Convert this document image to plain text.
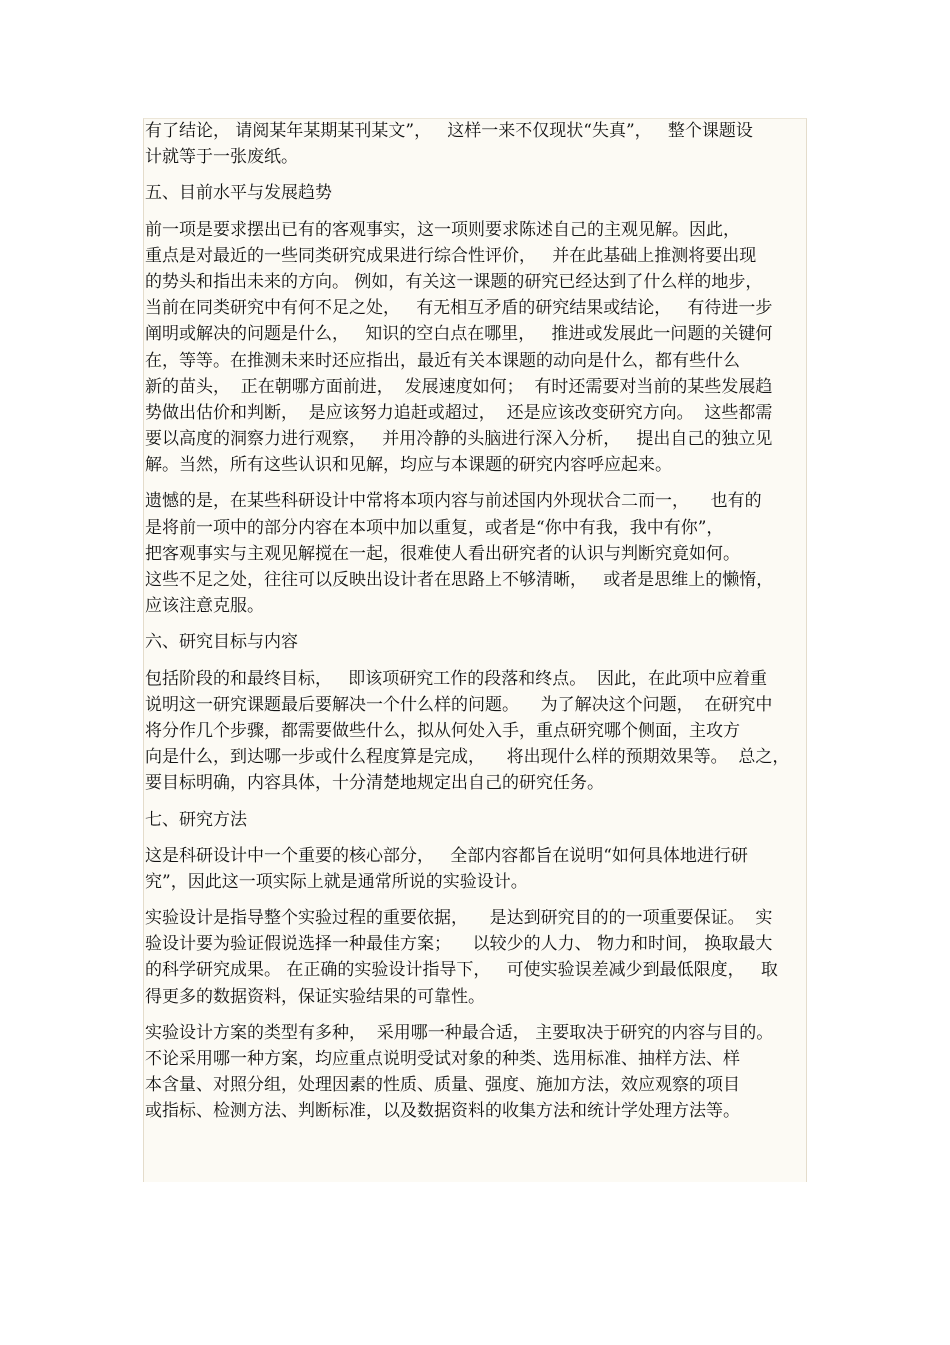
有了结论， 请阅某年某期某刊某文”，   这样一来不仅现状“失真”，   整个课题设
计就等于一张废纸。
五、目前水平与发展趋势
前一项是要求摆出已有的客观事实，这一项则要求陈述自己的主观见解。因此，
重点是对最近的一些同类研究成果进行综合性评价，   并在此基础上推测将要出现
的势头和指出未来的方向。 例如，有关这一课题的研究已经达到了什么样的地步，
当前在同类研究中有何不足之处，   有无相互矛盾的研究结果或结论，   有待进一步
阐明或解决的问题是什么，   知识的空白点在哪里，   推进或发展此一问题的关键何
在，等等。在推测未来时还应指出，最近有关本课题的动向是什么，都有些什么
新的苗头，  正在朝哪方面前进，  发展速度如何；  有时还需要对当前的某些发展趋
势做出估价和判断，  是应该努力追赶或超过，  还是应该改变研究方向。  这些都需
要以高度的洞察力进行观察，   并用冷静的头脑进行深入分析，   提出自己的独立见
解。当然，所有这些认识和见解，均应与本课题的研究内容呼应起来。
遗憾的是，在某些科研设计中常将本项内容与前述国内外现状合二而一，    也有的
是将前一项中的部分内容在本项中加以重复，或者是“你中有我，我中有你”，
把客观事实与主观见解搅在一起，很难使人看出研究者的认识与判断究竟如何。
这些不足之处，往往可以反映出设计者在思路上不够清晰，   或者是思维上的懒惰，
应该注意克服。
六、研究目标与内容
包括阶段的和最终目标，   即该项研究工作的段落和终点。  因此，在此项中应着重
说明这一研究课题最后要解决一个什么样的问题。    为了解决这个问题，  在研究中
将分作几个步骤，都需要做些什么，拟从何处入手，重点研究哪个侧面，主攻方
向是什么，到达哪一步或什么程度算是完成，    将出现什么样的预期效果等。  总之，
要目标明确，内容具体，十分清楚地规定出自己的研究任务。
七、研究方法
这是科研设计中一个重要的核心部分，   全部内容都旨在说明“如何具体地进行研
究”，因此这一项实际上就是通常所说的实验设计。
实验设计是指导整个实验过程的重要依据，    是达到研究目的的一项重要保证。  实
验设计要为验证假说选择一种最佳方案；    以较少的人力、 物力和时间， 换取最大
的科学研究成果。 在正确的实验设计指导下，   可使实验误差减少到最低限度，   取
得更多的数据资料，保证实验结果的可靠性。
实验设计方案的类型有多种，  采用哪一种最合适， 主要取决于研究的内容与目的。
不论采用哪一种方案，均应重点说明受试对象的种类、选用标准、抽样方法、样
本含量、对照分组，处理因素的性质、质量、强度、施加方法，效应观察的项目
或指标、检测方法、判断标准，以及数据资料的收集方法和统计学处理方法等。
